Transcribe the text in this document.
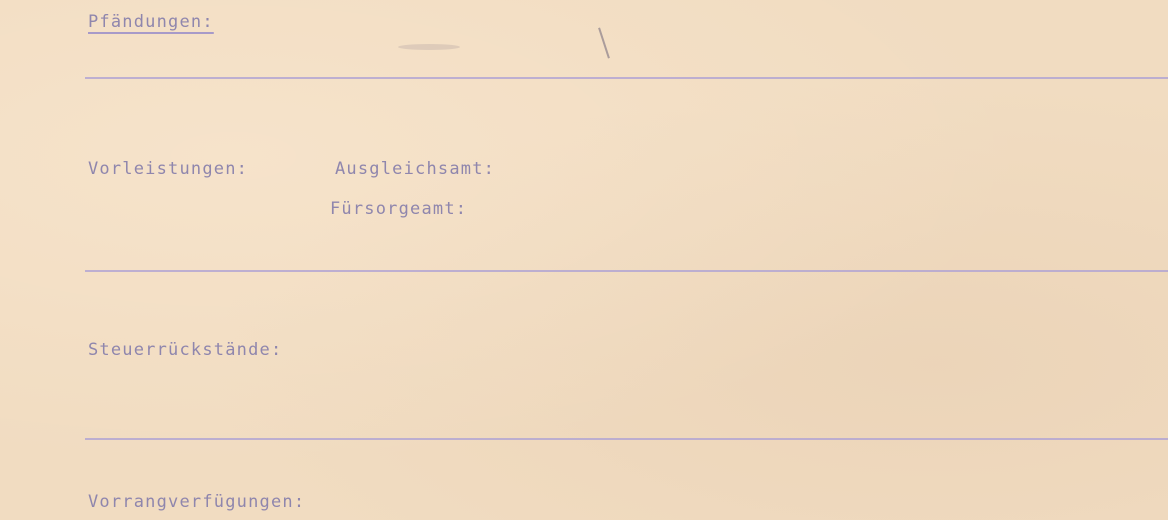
Pfändungen:
Vorleistungen:	Ausgleichsamt:
Fürsorgeamt:
Steuerrückstände:
Vorrangverfügungen:
